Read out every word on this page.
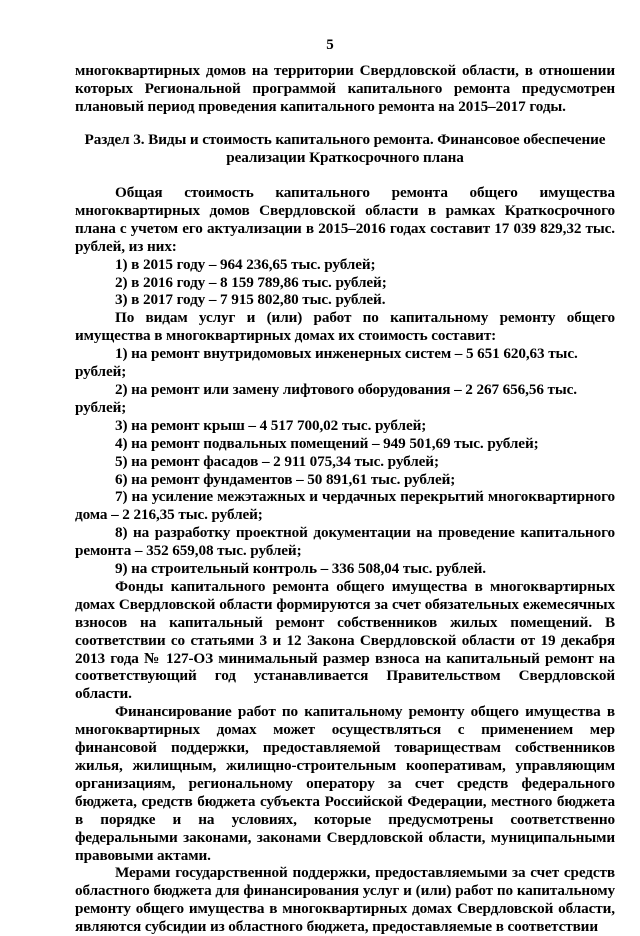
5

многоквартирных домов на территории Свердловской области, в отношении которых Региональной программой капитального ремонта предусмотрен плановый период проведения капитального ремонта на 2015–2017 годы.

Раздел 3. Виды и стоимость капитального ремонта. Финансовое обеспечение реализации Краткосрочного плана

Общая стоимость капитального ремонта общего имущества многоквартирных домов Свердловской области в рамках Краткосрочного плана с учетом его актуализации в 2015–2016 годах составит 17 039 829,32 тыс. рублей, из них:

1) в 2015 году – 964 236,65 тыс. рублей;

2) в 2016 году – 8 159 789,86 тыс. рублей;

3) в 2017 году – 7 915 802,80 тыс. рублей.

По видам услуг и (или) работ по капитальному ремонту общего имущества в многоквартирных домах их стоимость составит:

1) на ремонт внутридомовых инженерных систем – 5 651 620,63 тыс. рублей;

2) на ремонт или замену лифтового оборудования – 2 267 656,56 тыс. рублей;

3) на ремонт крыш – 4 517 700,02 тыс. рублей;

4) на ремонт подвальных помещений – 949 501,69 тыс. рублей;

5) на ремонт фасадов – 2 911 075,34 тыс. рублей;

6) на ремонт фундаментов – 50 891,61 тыс. рублей;

7) на усиление межэтажных и чердачных перекрытий многоквартирного дома – 2 216,35 тыс. рублей;

8) на разработку проектной документации на проведение капитального ремонта – 352 659,08 тыс. рублей;

9) на строительный контроль – 336 508,04 тыс. рублей.

Фонды капитального ремонта общего имущества в многоквартирных домах Свердловской области формируются за счет обязательных ежемесячных взносов на капитальный ремонт собственников жилых помещений. В соответствии со статьями 3 и 12 Закона Свердловской области от 19 декабря 2013 года № 127-ОЗ минимальный размер взноса на капитальный ремонт на соответствующий год устанавливается Правительством Свердловской области.

Финансирование работ по капитальному ремонту общего имущества в многоквартирных домах может осуществляться с применением мер финансовой поддержки, предоставляемой товариществам собственников жилья, жилищным, жилищно-строительным кооперативам, управляющим организациям, региональному оператору за счет средств федерального бюджета, средств бюджета субъекта Российской Федерации, местного бюджета в порядке и на условиях, которые предусмотрены соответственно федеральными законами, законами Свердловской области, муниципальными правовыми актами.

Мерами государственной поддержки, предоставляемыми за счет средств областного бюджета для финансирования услуг и (или) работ по капитальному ремонту общего имущества в многоквартирных домах Свердловской области, являются субсидии из областного бюджета, предоставляемые в соответствии
